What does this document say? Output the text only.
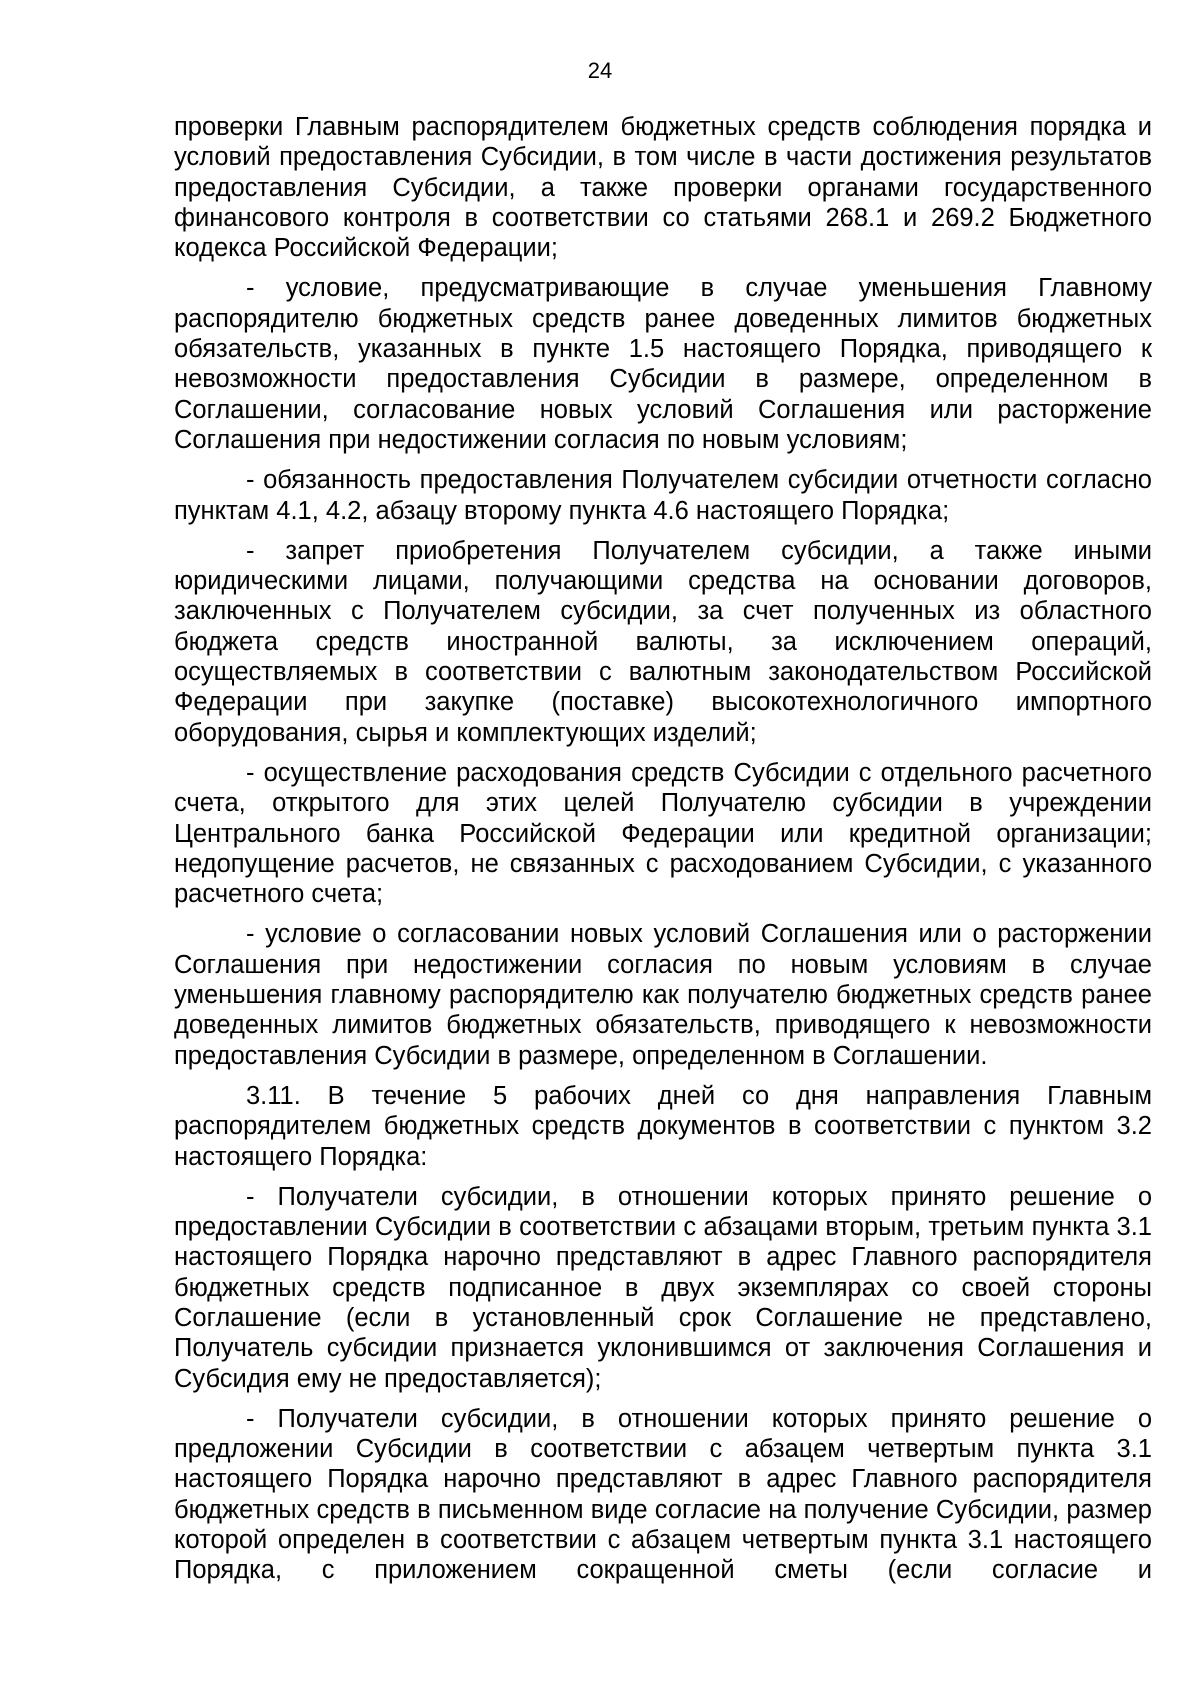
24

проверки Главным распорядителем бюджетных средств соблюдения порядка и условий предоставления Субсидии, в том числе в части достижения результатов предоставления Субсидии, а также проверки органами государственного финансового контроля в соответствии со статьями 268.1 и 269.2 Бюджетного кодекса Российской Федерации;

- условие, предусматривающие в случае уменьшения Главному распорядителю бюджетных средств ранее доведенных лимитов бюджетных обязательств, указанных в пункте 1.5 настоящего Порядка, приводящего к невозможности предоставления Субсидии в размере, определенном в Соглашении, согласование новых условий Соглашения или расторжение Соглашения при недостижении согласия по новым условиям;

- обязанность предоставления Получателем субсидии отчетности согласно пунктам 4.1, 4.2, абзацу второму пункта 4.6 настоящего Порядка;

- запрет приобретения Получателем субсидии, а также иными юридическими лицами, получающими средства на основании договоров, заключенных с Получателем субсидии, за счет полученных из областного бюджета средств иностранной валюты, за исключением операций, осуществляемых в соответствии с валютным законодательством Российской Федерации при закупке (поставке) высокотехнологичного импортного оборудования, сырья и комплектующих изделий;

- осуществление расходования средств Субсидии с отдельного расчетного счета, открытого для этих целей Получателю субсидии в учреждении Центрального банка Российской Федерации или кредитной организации; недопущение расчетов, не связанных с расходованием Субсидии, с указанного расчетного счета;

- условие о согласовании новых условий Соглашения или о расторжении Соглашения при недостижении согласия по новым условиям в случае уменьшения главному распорядителю как получателю бюджетных средств ранее доведенных лимитов бюджетных обязательств, приводящего к невозможности предоставления Субсидии в размере, определенном в Соглашении.

3.11. В течение 5 рабочих дней со дня направления Главным распорядителем бюджетных средств документов в соответствии с пунктом 3.2 настоящего Порядка:

- Получатели субсидии, в отношении которых принято решение о предоставлении Субсидии в соответствии с абзацами вторым, третьим пункта 3.1 настоящего Порядка нарочно представляют в адрес Главного распорядителя бюджетных средств подписанное в двух экземплярах со своей стороны Соглашение (если в установленный срок Соглашение не представлено, Получатель субсидии признается уклонившимся от заключения Соглашения и Субсидия ему не предоставляется);

- Получатели субсидии, в отношении которых принято решение о предложении Субсидии в соответствии с абзацем четвертым пункта 3.1 настоящего Порядка нарочно представляют в адрес Главного распорядителя бюджетных средств в письменном виде согласие на получение Субсидии, размер которой определен в соответствии с абзацем четвертым пункта 3.1 настоящего Порядка, с приложением сокращенной сметы (если согласие и
